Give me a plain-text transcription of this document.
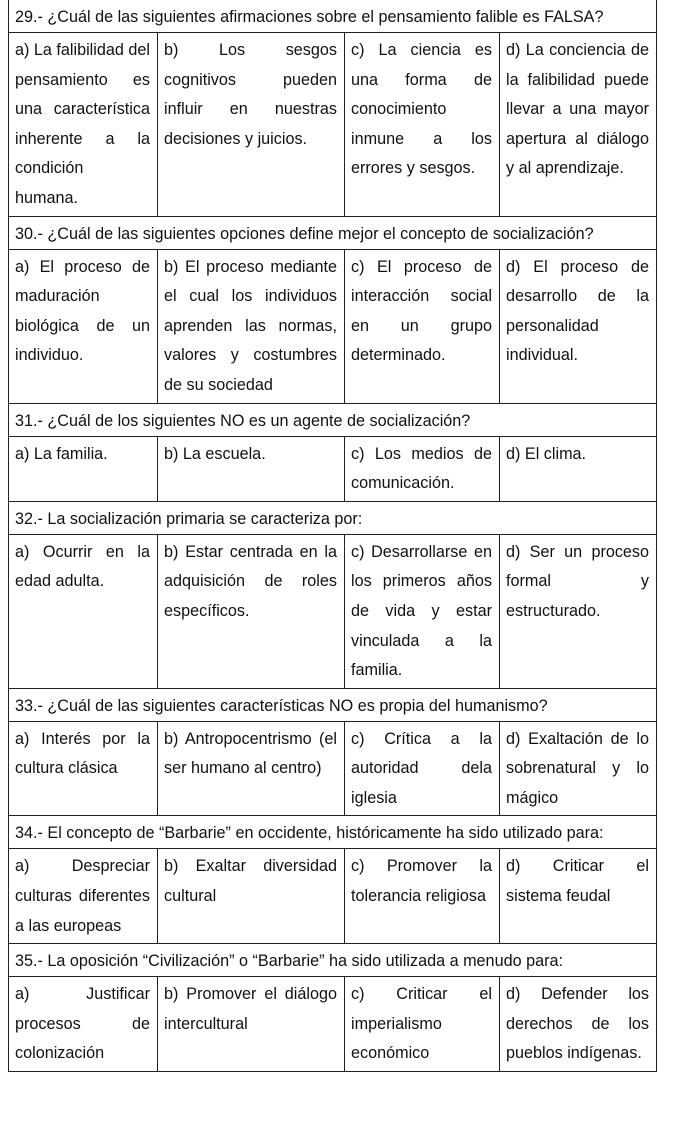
29.- ¿Cuál de las siguientes afirmaciones sobre el pensamiento falible es FALSA?			
a) La falibilidad del pensamiento es una característica inherente a la condición humana.	b) Los sesgos cognitivos pueden influir en nuestras decisiones y juicios.	c) La ciencia es una forma de conocimiento inmune a los errores y sesgos.	d) La conciencia de la falibilidad puede llevar a una mayor apertura al diálogo y al aprendizaje.
30.- ¿Cuál de las siguientes opciones define mejor el concepto de socialización?			
a) El proceso de maduración biológica de un individuo.	b) El proceso mediante el cual los individuos aprenden las normas, valores y costumbres de su sociedad	c) El proceso de interacción social en un grupo determinado.	d) El proceso de desarrollo de la personalidad individual.
31.- ¿Cuál de los siguientes NO es un agente de socialización?			
a) La familia.	b) La escuela.	c) Los medios de comunicación.	d) El clima.
32.- La socialización primaria se caracteriza por:			
a) Ocurrir en la edad adulta.	b) Estar centrada en la adquisición de roles específicos.	c) Desarrollarse en los primeros años de vida y estar vinculada a la familia.	d) Ser un proceso formal y estructurado.
33.- ¿Cuál de las siguientes características NO es propia del humanismo?			
a) Interés por la cultura clásica	b) Antropocentrismo (el ser humano al centro)	c) Crítica a la autoridad dela iglesia	d) Exaltación de lo sobrenatural y lo mágico
34.- El concepto de “Barbarie” en occidente, históricamente ha sido utilizado para:			
a) Despreciar culturas diferentes a las europeas	b) Exaltar diversidad cultural	c) Promover la tolerancia religiosa	d) Criticar el sistema feudal
35.- La oposición “Civilización” o “Barbarie” ha sido utilizada a menudo para:			
a) Justificar procesos de colonización	b) Promover el diálogo intercultural	c) Criticar el imperialismo económico	d) Defender los derechos de los pueblos indígenas.
